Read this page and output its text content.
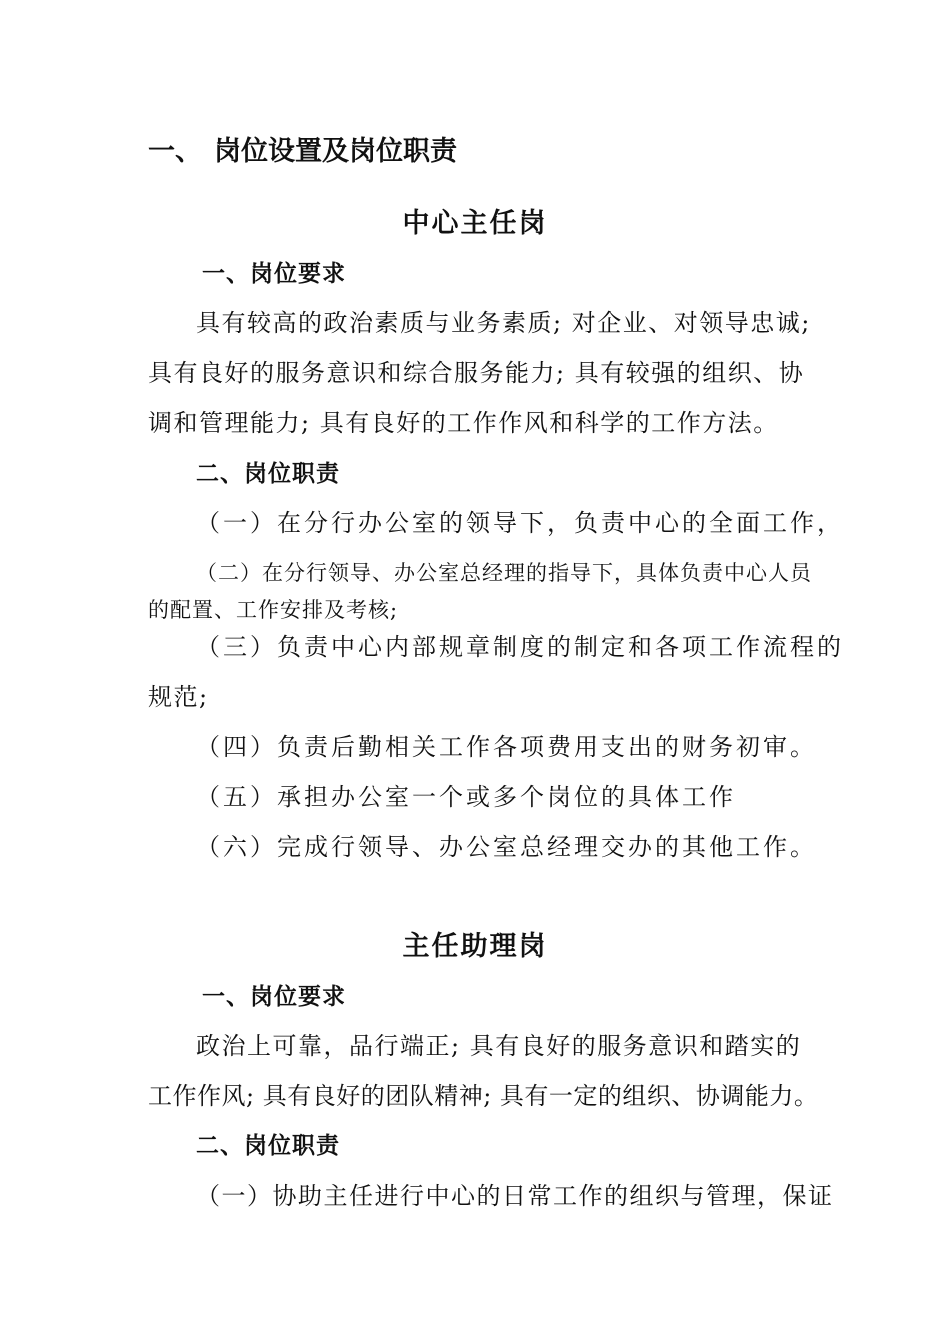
一、 岗位设置及岗位职责
中心主任岗
一、岗位要求
具有较高的政治素质与业务素质; 对企业、对领导忠诚;
具有良好的服务意识和综合服务能力; 具有较强的组织、协
调和管理能力; 具有良好的工作作风和科学的工作方法。
二、岗位职责
（一）在分行办公室的领导下，负责中心的全面工作，
（二）在分行领导、办公室总经理的指导下，具体负责中心人员
的配置、工作安排及考核;
（三）负责中心内部规章制度的制定和各项工作流程的
规范;
（四）负责后勤相关工作各项费用支出的财务初审。
（五）承担办公室一个或多个岗位的具体工作
（六）完成行领导、办公室总经理交办的其他工作。
主任助理岗
一、岗位要求
政治上可靠，品行端正; 具有良好的服务意识和踏实的
工作作风; 具有良好的团队精神; 具有一定的组织、协调能力。
二、岗位职责
（一）协助主任进行中心的日常工作的组织与管理，保证
